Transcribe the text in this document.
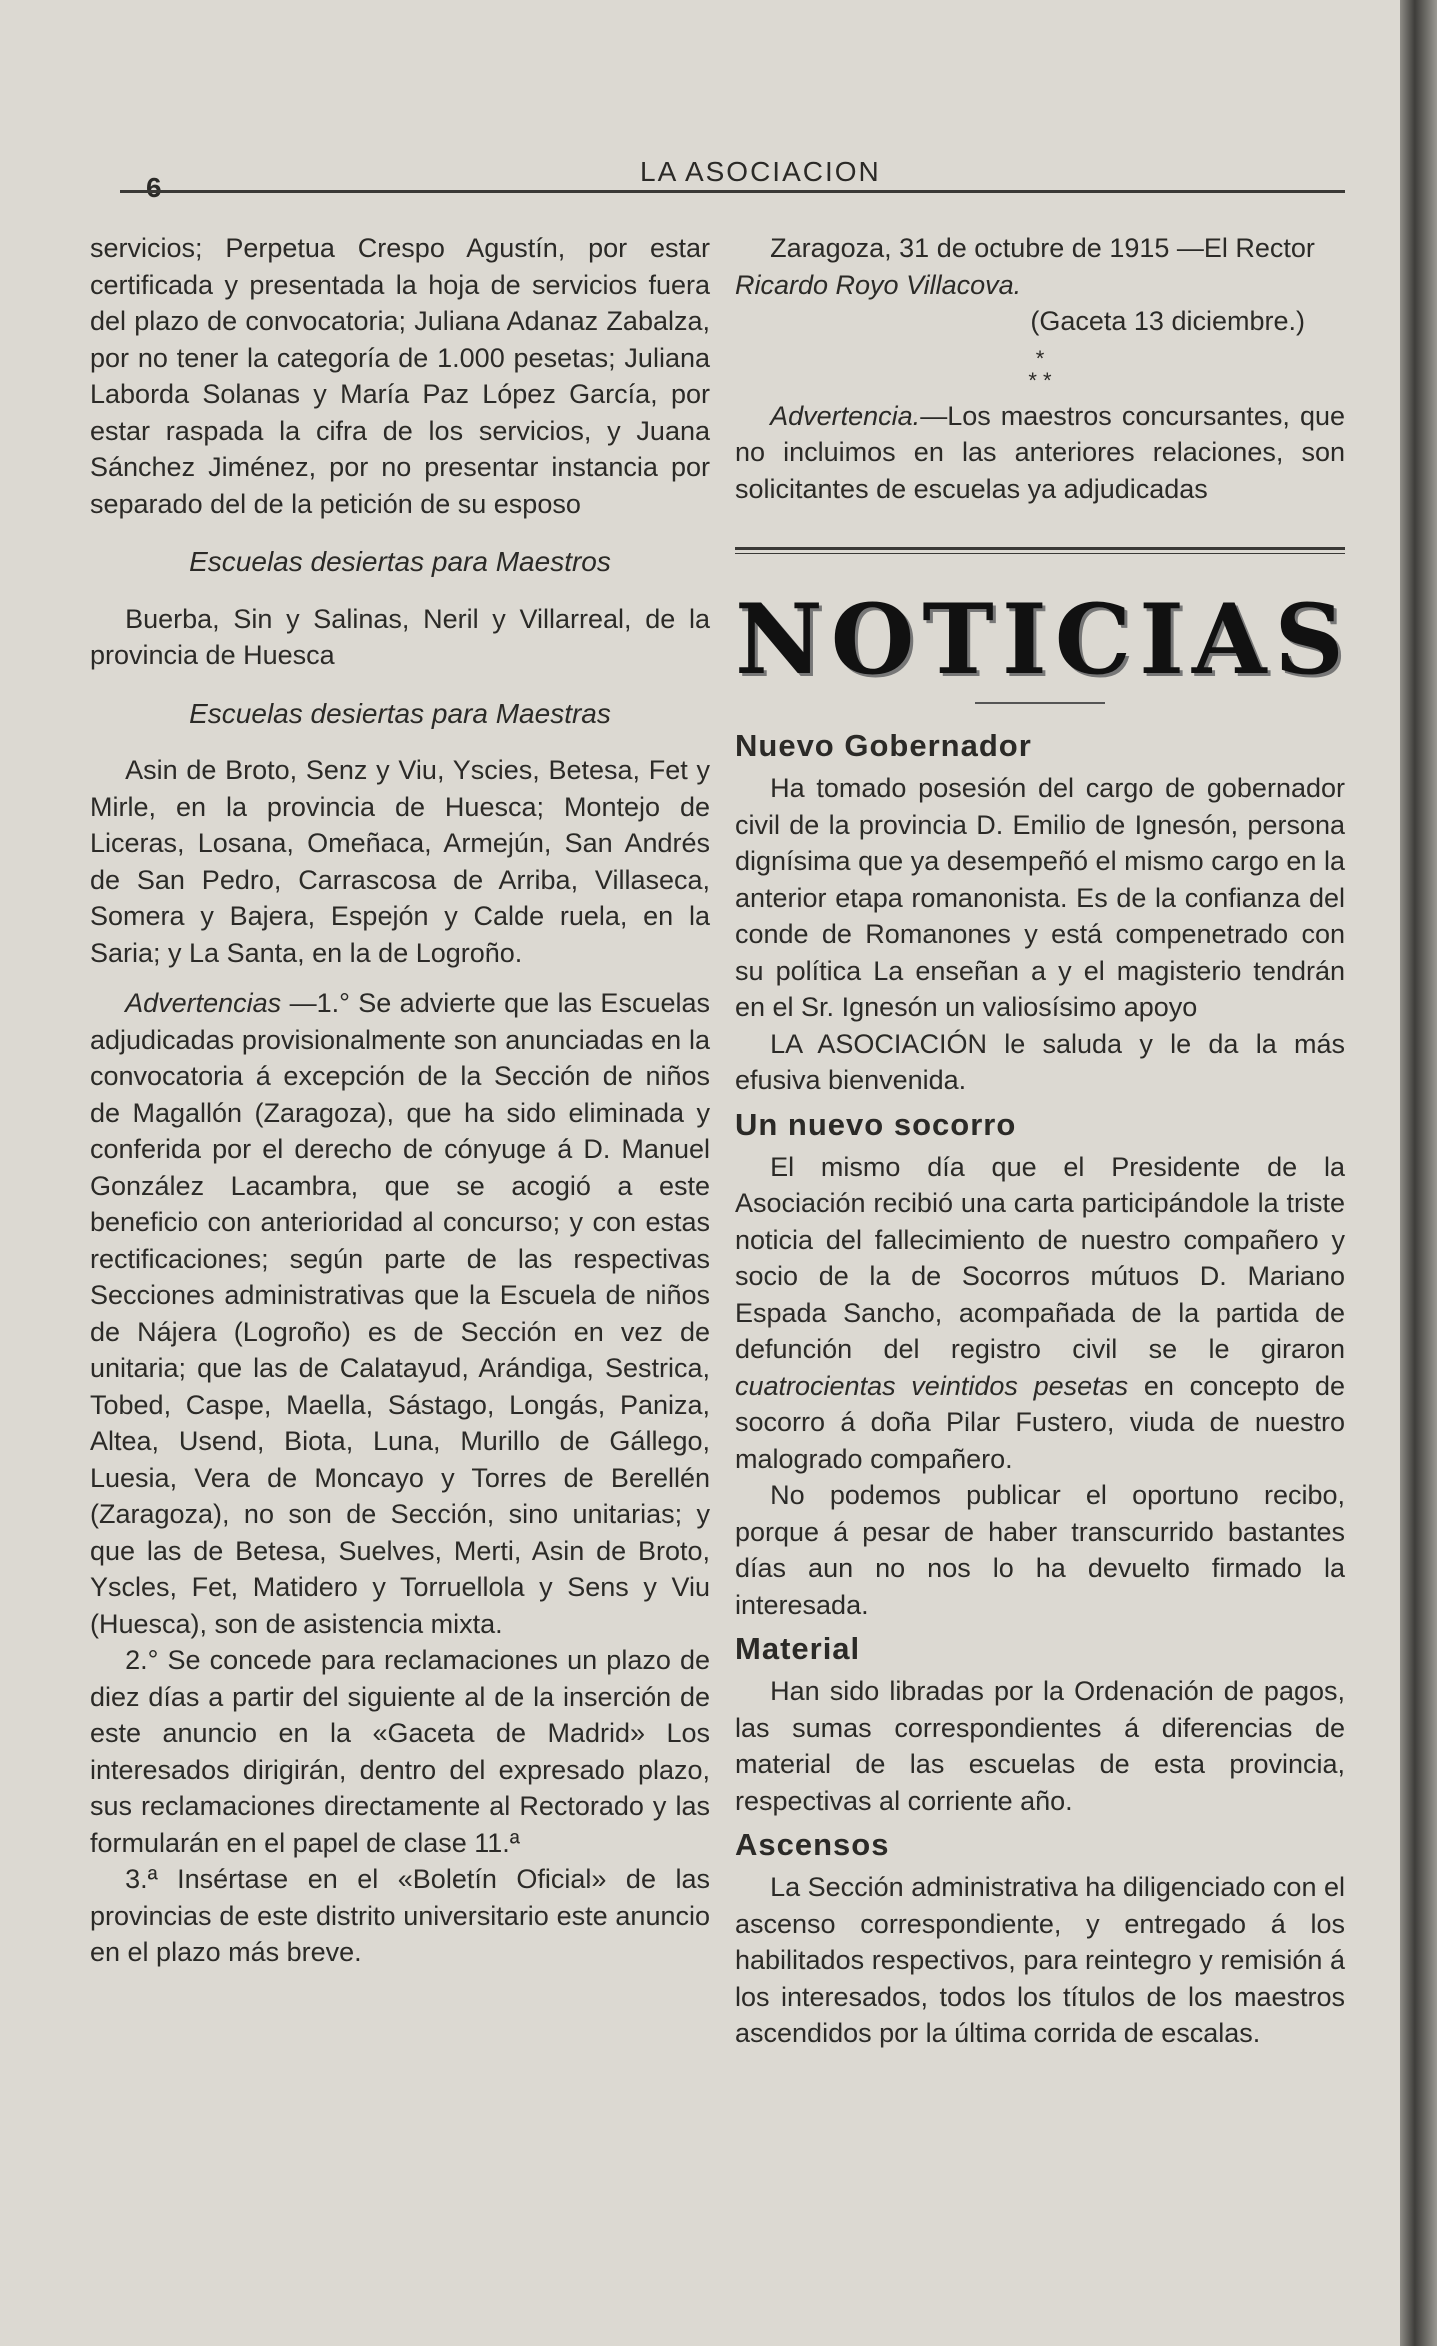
6
LA ASOCIACION

servicios; Perpetua Crespo Agustín, por estar certificada y presentada la hoja de servicios fuera del plazo de convocatoria; Juliana Adanaz Zabalza, por no tener la categoría de 1.000 pesetas; Juliana Laborda Solanas y María Paz López García, por estar raspada la cifra de los servicios, y Juana Sánchez Jiménez, por no presentar instancia por separado del de la petición de su esposo

Escuelas desiertas para Maestros

Buerba, Sin y Salinas, Neril y Villarreal, de la provincia de Huesca

Escuelas desiertas para Maestras

Asin de Broto, Senz y Viu, Yscies, Betesa, Fet y Mirle, en la provincia de Huesca; Montejo de Liceras, Losana, Omeñaca, Armejún, San Andrés de San Pedro, Carrascosa de Arriba, Villaseca, Somera y Bajera, Espejón y Calde ruela, en la Saria; y La Santa, en la de Logroño.

Advertencias —1.° Se advierte que las Escuelas adjudicadas provisionalmente son anunciadas en la convocatoria á excepción de la Sección de niños de Magallón (Zaragoza), que ha sido eliminada y conferida por el derecho de cónyuge á D. Manuel González Lacambra, que se acogió a este beneficio con anterioridad al concurso; y con estas rectificaciones; según parte de las respectivas Secciones administrativas que la Escuela de niños de Nájera (Logroño) es de Sección en vez de unitaria; que las de Calatayud, Arándiga, Sestrica, Tobed, Caspe, Maella, Sástago, Longás, Paniza, Altea, Usend, Biota, Luna, Murillo de Gállego, Luesia, Vera de Moncayo y Torres de Berellén (Zaragoza), no son de Sección, sino unitarias; y que las de Betesa, Suelves, Merti, Asin de Broto, Yscles, Fet, Matidero y Torruellola y Sens y Viu (Huesca), son de asistencia mixta.

2.° Se concede para reclamaciones un plazo de diez días a partir del siguiente al de la inserción de este anuncio en la «Gaceta de Madrid» Los interesados dirigirán, dentro del expresado plazo, sus reclamaciones directamente al Rectorado y las formularán en el papel de clase 11.ª

3.ª Insértase en el «Boletín Oficial» de las provincias de este distrito universitario este anuncio en el plazo más breve.

Zaragoza, 31 de octubre de 1915 —El Rector

Ricardo Royo Villacova.

(Gaceta 13 diciembre.)

*
* *

Advertencia.—Los maestros concursantes, que no incluimos en las anteriores relaciones, son solicitantes de escuelas ya adjudicadas

NOTICIAS
Nuevo Gobernador

Ha tomado posesión del cargo de gobernador civil de la provincia D. Emilio de Ignesón, persona dignísima que ya desempeñó el mismo cargo en la anterior etapa romanonista. Es de la confianza del conde de Romanones y está compenetrado con su política La enseñan a y el magisterio tendrán en el Sr. Ignesón un valiosísimo apoyo

LA ASOCIACIÓN le saluda y le da la más efusiva bienvenida.

Un nuevo socorro

El mismo día que el Presidente de la Asociación recibió una carta participándole la triste noticia del fallecimiento de nuestro compañero y socio de la de Socorros mútuos D. Mariano Espada Sancho, acompañada de la partida de defunción del registro civil se le giraron cuatrocientas veintidos pesetas en concepto de socorro á doña Pilar Fustero, viuda de nuestro malogrado compañero.

No podemos publicar el oportuno recibo, porque á pesar de haber transcurrido bastantes días aun no nos lo ha devuelto firmado la interesada.

Material

Han sido libradas por la Ordenación de pagos, las sumas correspondientes á diferencias de material de las escuelas de esta provincia, respectivas al corriente año.

Ascensos

La Sección administrativa ha diligenciado con el ascenso correspondiente, y entregado á los habilitados respectivos, para reintegro y remisión á los interesados, todos los títulos de los maestros ascendidos por la última corrida de escalas.
